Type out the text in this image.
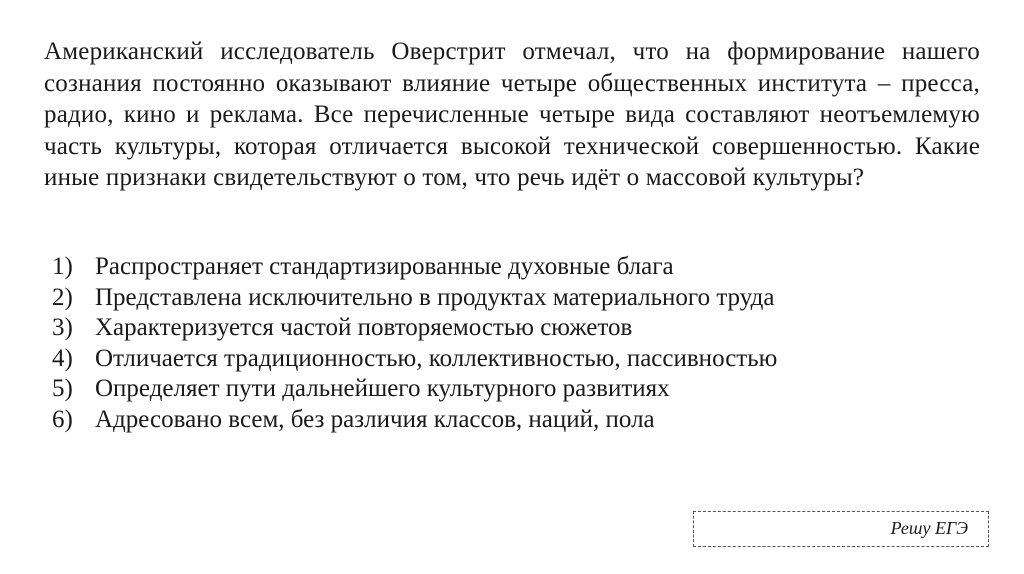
Американский исследователь Оверстрит отмечал, что на формирование нашего сознания постоянно оказывают влияние четыре общественных института – пресса, радио, кино и реклама. Все перечисленные четыре вида составляют неотъемлемую часть культуры, которая отличается высокой технической совершенностью. Какие иные признаки свидетельствуют о том, что речь идёт о массовой культуры?

1) Распространяет стандартизированные духовные блага
2) Представлена исключительно в продуктах материального труда
3) Характеризуется частой повторяемостью сюжетов
4) Отличается традиционностью, коллективностью, пассивностью
5) Определяет пути дальнейшего культурного развитиях
6) Адресовано всем, без различия классов, наций, пола
Решу ЕГЭ
